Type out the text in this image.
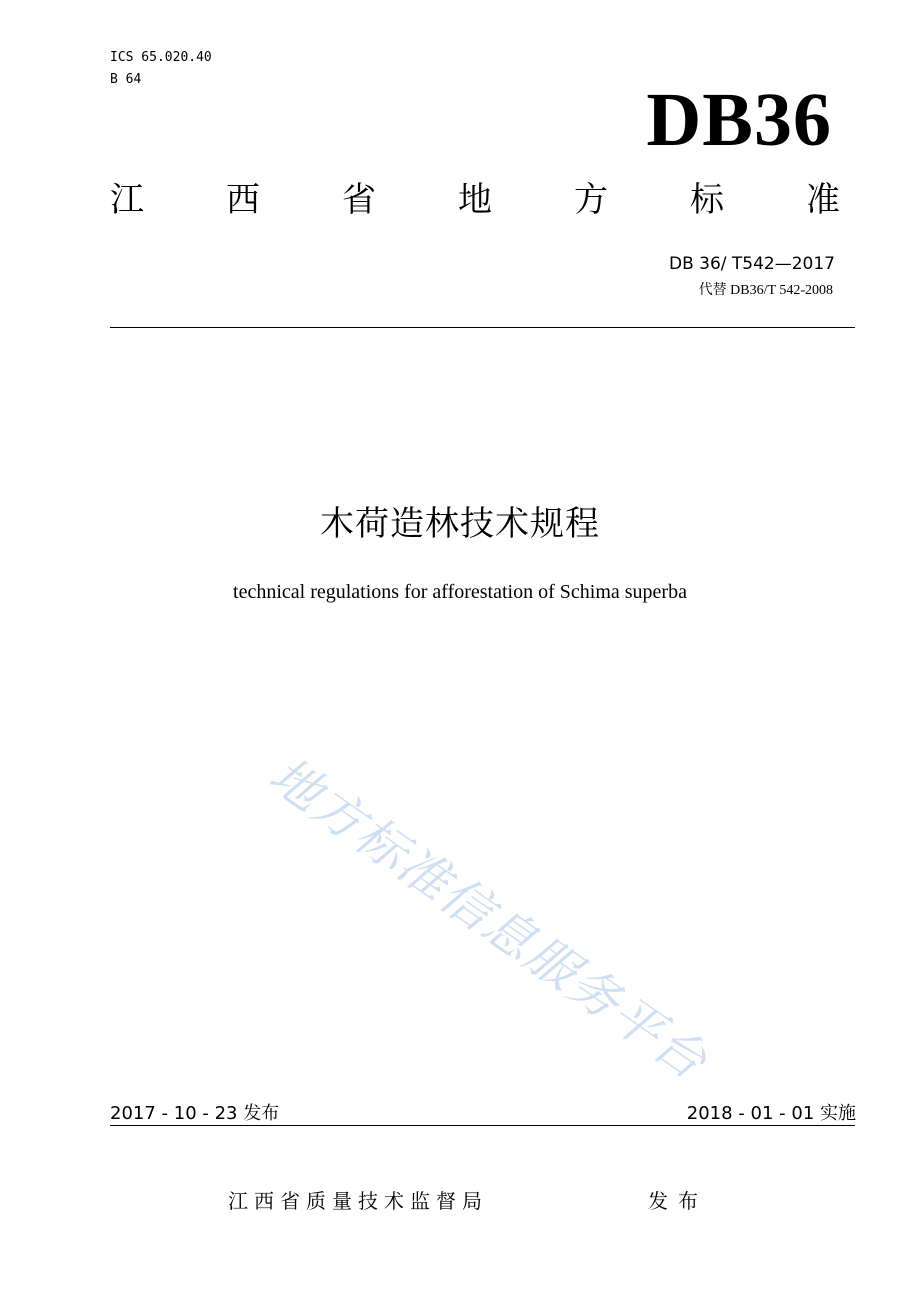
ICS 65.020.40
B 64	DB36
江 西 省 地 方 标 准
DB 36/ T542—2017
代替 DB36/T 542-2008
木荷造林技术规程
technical regulations for afforestation of Schima superba
地方标准信息服务平台
2017 - 10 - 23 发布	2018 - 01 - 01 实施
江西省质量技术监督局	发布
